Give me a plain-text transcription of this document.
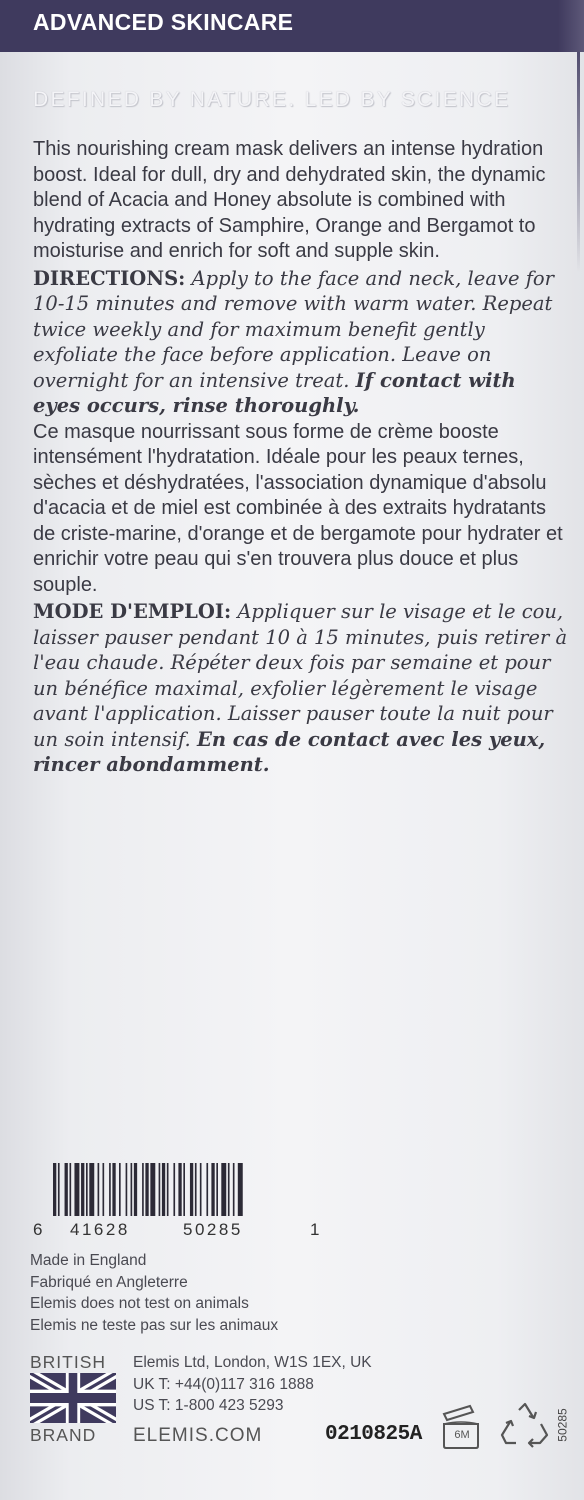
ADVANCED SKINCARE
DEFINED BY NATURE. LED BY SCIENCE

This nourishing cream mask delivers an intense hydration boost. Ideal for dull, dry and dehydrated skin, the dynamic blend of Acacia and Honey absolute is combined with hydrating extracts of Samphire, Orange and Bergamot to moisturise and enrich for soft and supple skin.

DIRECTIONS: Apply to the face and neck, leave for 10-15 minutes and remove with warm water. Repeat twice weekly and for maximum benefit gently exfoliate the face before application. Leave on overnight for an intensive treat. If contact with eyes occurs, rinse thoroughly.

Ce masque nourrissant sous forme de crème booste intensément l'hydratation. Idéale pour les peaux ternes, sèches et déshydratées, l'association dynamique d'absolu d'acacia et de miel est combinée à des extraits hydratants de criste-marine, d'orange et de bergamote pour hydrater et enrichir votre peau qui s'en trouvera plus douce et plus souple.

MODE D'EMPLOI: Appliquer sur le visage et le cou, laisser pauser pendant 10 à 15 minutes, puis retirer à l'eau chaude. Répéter deux fois par semaine et pour un bénéfice maximal, exfolier légèrement le visage avant l'application. Laisser pauser toute la nuit pour un soin intensif. En cas de contact avec les yeux, rincer abondamment.

6 41628	50285	1
Made in England
Fabriqué en Angleterre
Elemis does not test on animals
Elemis ne teste pas sur les animaux
BRITISH
BRAND
Elemis Ltd, London, W1S 1EX, UK
UK T: +44(0)117 316 1888
US T: 1-800 423 5293
ELEMIS.COM	0210825A	6M	50285
